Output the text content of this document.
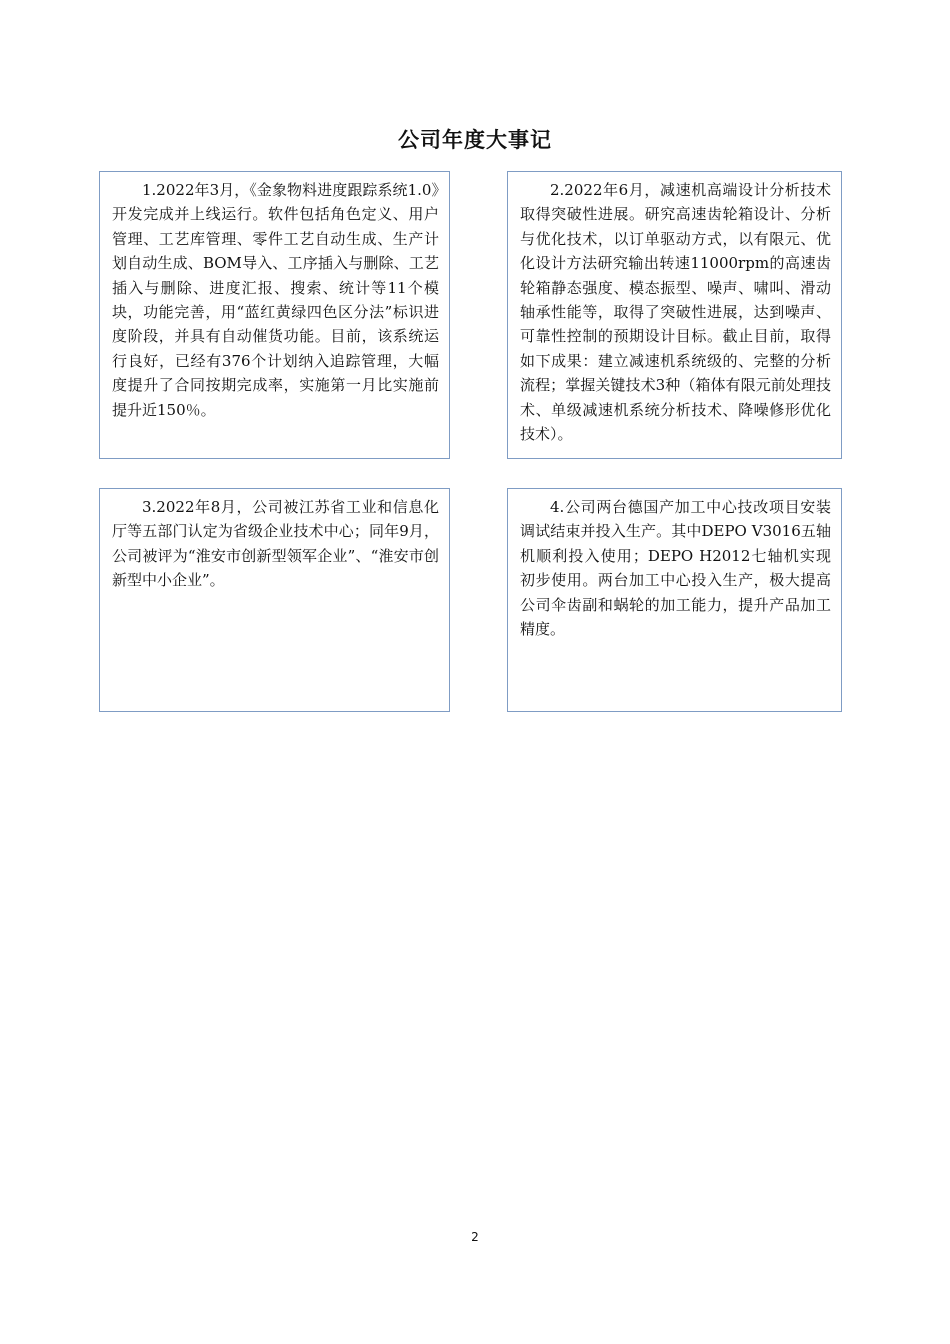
公司年度大事记
1.2022年3月，《金象物料进度跟踪系统1.0》开发完成并上线运行。软件包括角色定义、用户管理、工艺库管理、零件工艺自动生成、生产计划自动生成、BOM导入、工序插入与删除、工艺插入与删除、进度汇报、搜索、统计等11个模块，功能完善，用“蓝红黄绿四色区分法”标识进度阶段，并具有自动催货功能。目前，该系统运行良好，已经有376个计划纳入追踪管理，大幅度提升了合同按期完成率，实施第一月比实施前提升近150％。
2.2022年6月，减速机高端设计分析技术取得突破性进展。研究高速齿轮箱设计、分析与优化技术，以订单驱动方式，以有限元、优化设计方法研究输出转速11000rpm的高速齿轮箱静态强度、模态振型、噪声、啸叫、滑动轴承性能等，取得了突破性进展，达到噪声、可靠性控制的预期设计目标。截止目前，取得如下成果：建立减速机系统级的、完整的分析流程；掌握关键技术3种（箱体有限元前处理技术、单级减速机系统分析技术、降噪修形优化技术）。
3.2022年8月，公司被江苏省工业和信息化厅等五部门认定为省级企业技术中心；同年9月，公司被评为“淮安市创新型领军企业”、“淮安市创新型中小企业”。
4.公司两台德国产加工中心技改项目安装调试结束并投入生产。其中DEPO V3016五轴机顺利投入使用；DEPO H2012七轴机实现初步使用。两台加工中心投入生产，极大提高公司伞齿副和蜗轮的加工能力，提升产品加工精度。
2
